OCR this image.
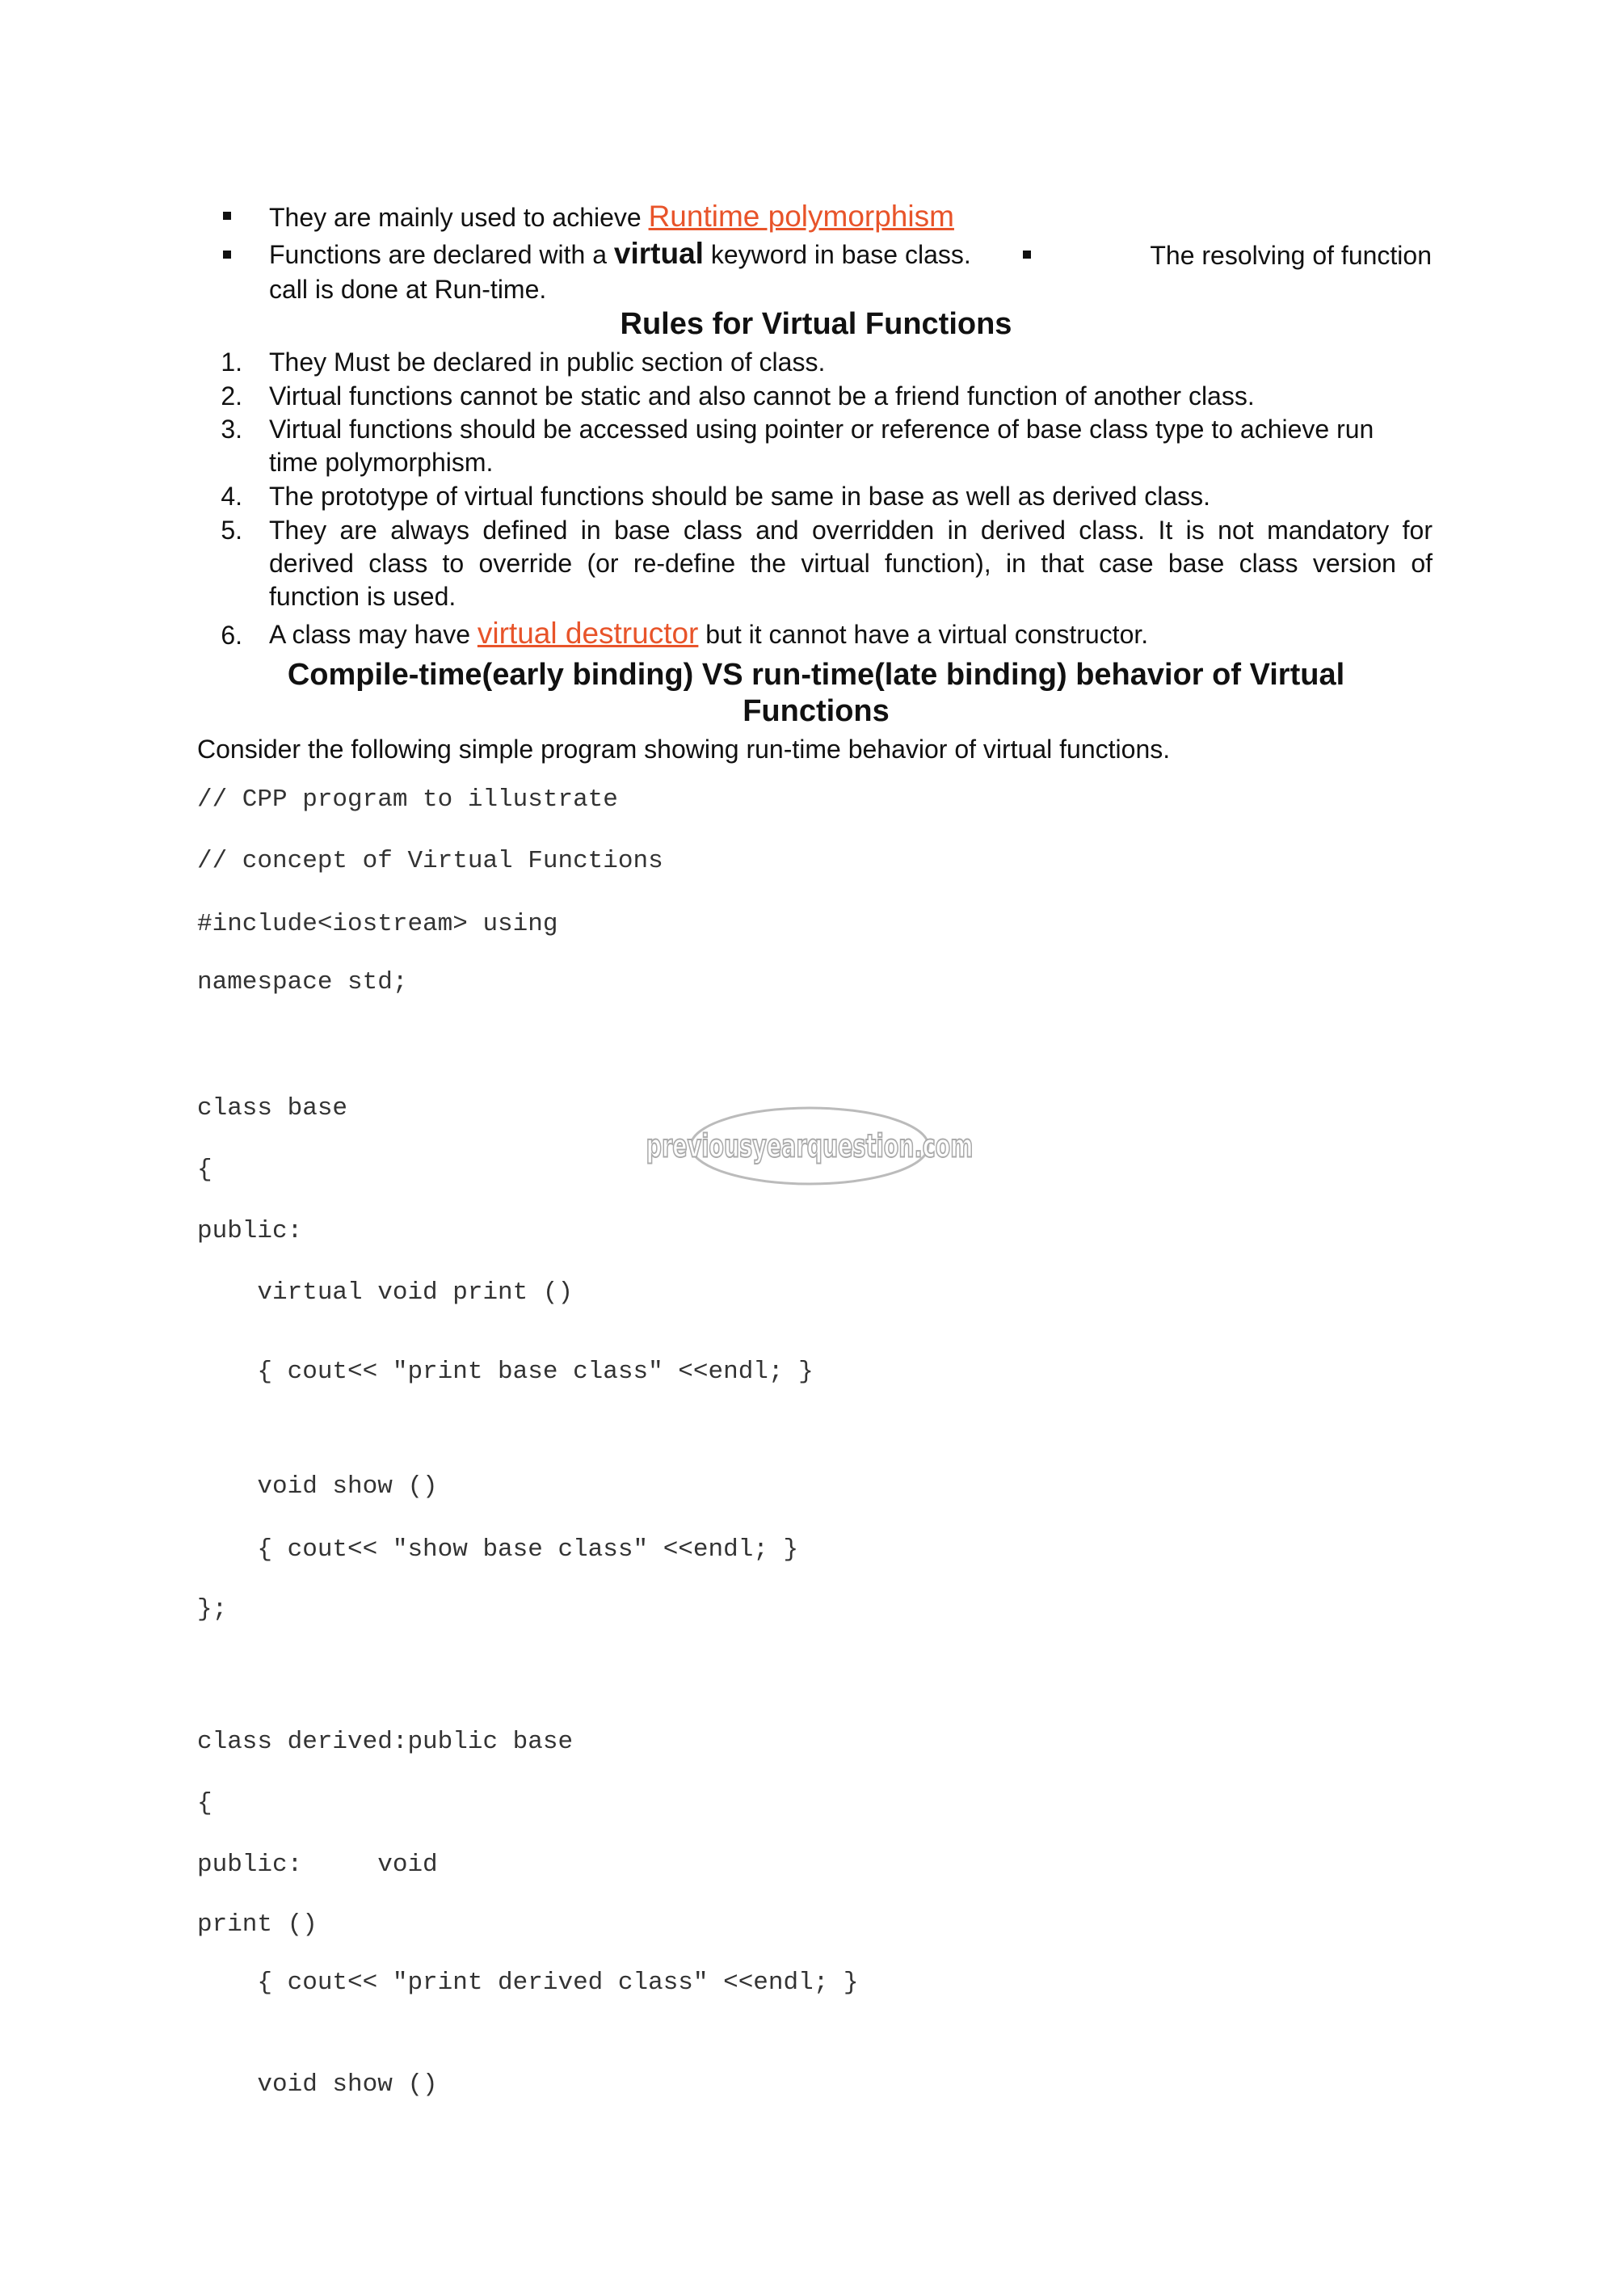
They are mainly used to achieve Runtime polymorphism
Functions are declared with a virtual keyword in base class.	The resolving of function
call is done at Run-time.
Rules for Virtual Functions
1. They Must be declared in public section of class.
2. Virtual functions cannot be static and also cannot be a friend function of another class.
3. Virtual functions should be accessed using pointer or reference of base class type to achieve run
time polymorphism.
4. The prototype of virtual functions should be same in base as well as derived class.
5. They are always defined in base class and overridden in derived class. It is not mandatory for
derived class to override (or re-define the virtual function), in that case base class version of
function is used.
6. A class may have virtual destructor but it cannot have a virtual constructor.
Compile-time(early binding) VS run-time(late binding) behavior of Virtual
Functions
Consider the following simple program showing run-time behavior of virtual functions.
previousyearquestion.com
// CPP program to illustrate
// concept of Virtual Functions
#include<iostream> using
namespace std;
class base
{
public:
virtual void print ()
{ cout<< "print base class" <<endl; }
void show ()
{ cout<< "show base class" <<endl; }
};
class derived:public base
{
public:     void
print ()
{ cout<< "print derived class" <<endl; }
void show ()
